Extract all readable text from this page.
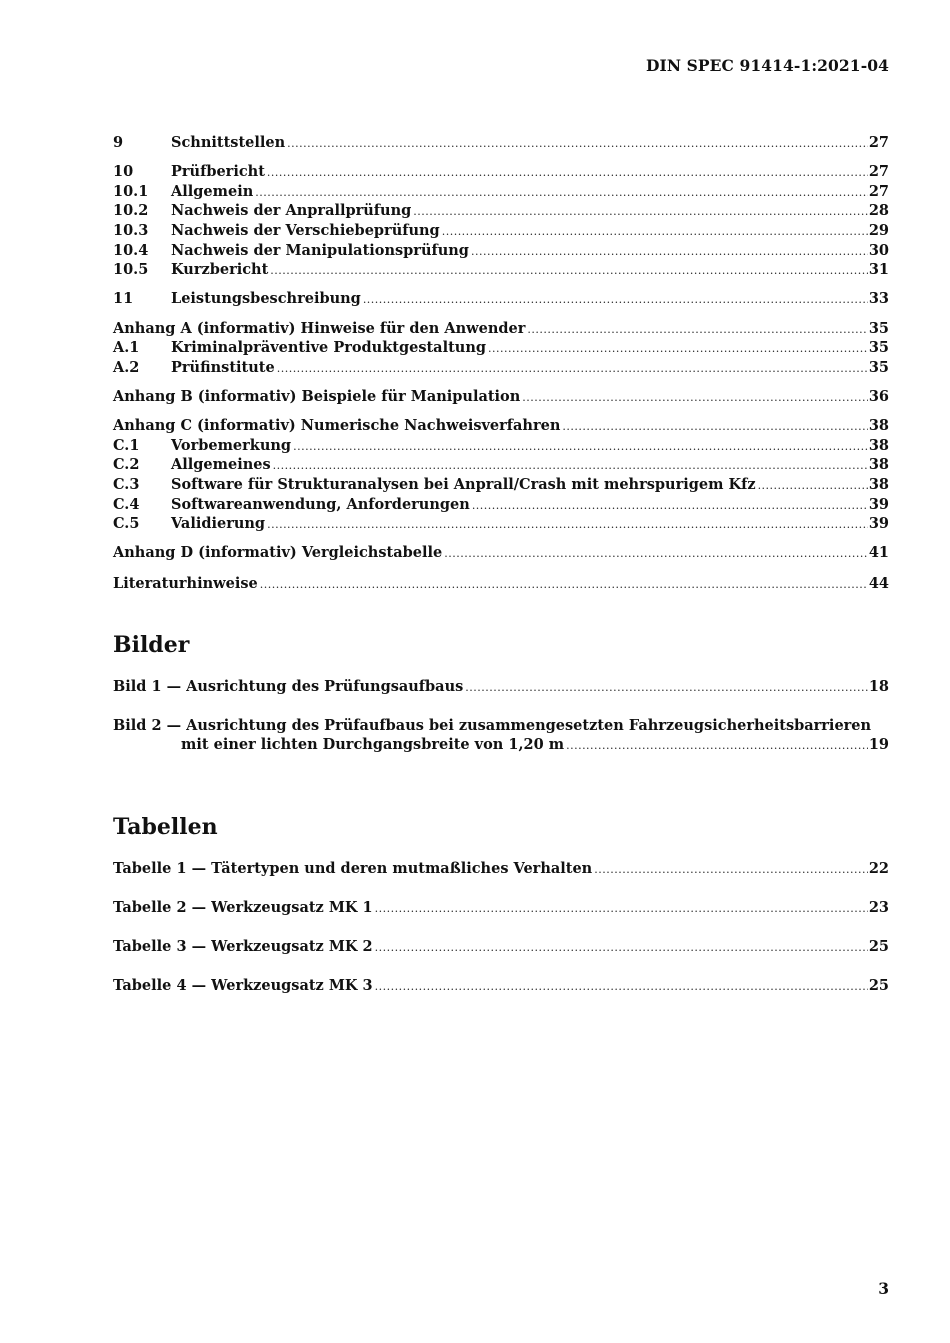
DIN SPEC 91414-1:2021-04
9	Schnittstellen .....	27
10	Prüfbericht .....	27
10.1	Allgemein .....	27
10.2	Nachweis der Anprallprüfung .....	28
10.3	Nachweis der Verschiebeprüfung .....	29
10.4	Nachweis der Manipulationsprüfung .....	30
10.5	Kurzbericht .....	31
11	Leistungsbeschreibung .....	33
Anhang A (informativ) Hinweise für den Anwender .....	35
A.1	Kriminalpräventive Produktgestaltung .....	35
A.2	Prüfinstitute .....	35
Anhang B (informativ) Beispiele für Manipulation .....	36
Anhang C (informativ) Numerische Nachweisverfahren .....	38
C.1	Vorbemerkung .....	38
C.2	Allgemeines .....	38
C.3	Software für Strukturanalysen bei Anprall/Crash mit mehrspurigem Kfz .....	38
C.4	Softwareanwendung, Anforderungen .....	39
C.5	Validierung .....	39
Anhang D (informativ) Vergleichstabelle .....	41
Literaturhinweise .....	44
Bilder
Bild 1 — Ausrichtung des Prüfungsaufbaus .....	18
Bild 2 — Ausrichtung des Prüfaufbaus bei zusammengesetzten Fahrzeugsicherheitsbarrieren
mit einer lichten Durchgangsbreite von 1,20 m .....	19
Tabellen
Tabelle 1 — Tätertypen und deren mutmaßliches Verhalten .....	22
Tabelle 2 — Werkzeugsatz MK 1 .....	23
Tabelle 3 — Werkzeugsatz MK 2 .....	25
Tabelle 4 — Werkzeugsatz MK 3 .....	25
3
